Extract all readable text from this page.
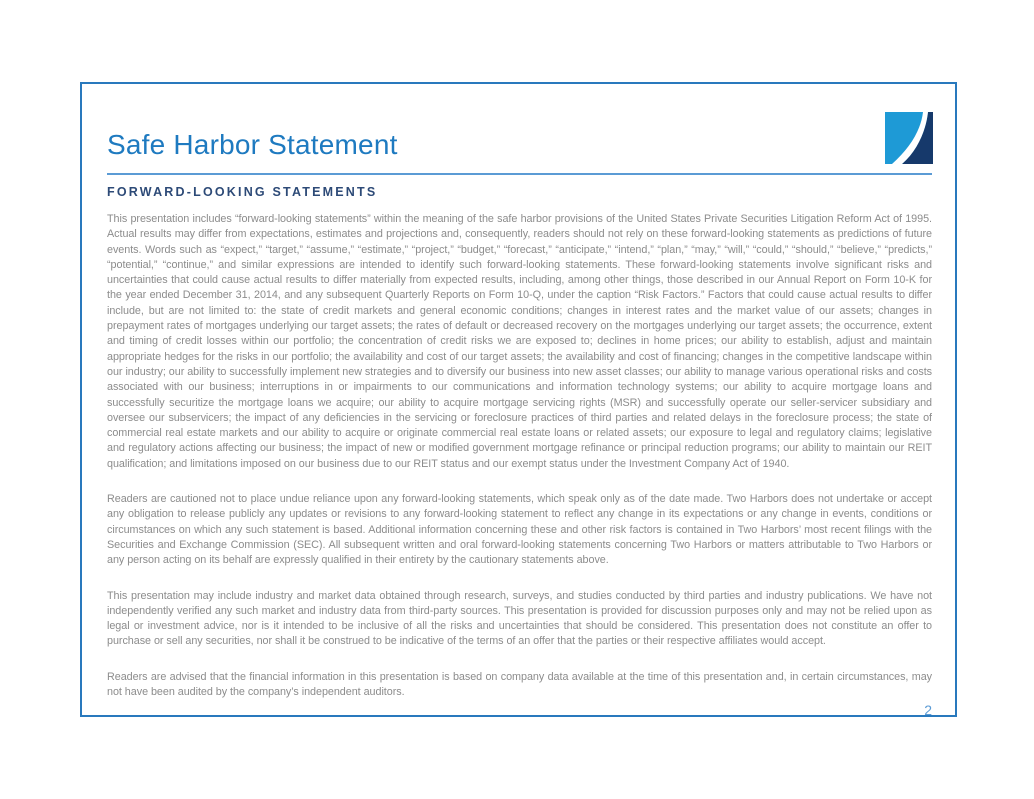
Safe Harbor Statement
FORWARD-LOOKING STATEMENTS

This presentation includes “forward-looking statements” within the meaning of the safe harbor provisions of the United States Private Securities Litigation Reform Act of 1995. Actual results may differ from expectations, estimates and projections and, consequently, readers should not rely on these forward-looking statements as predictions of future events. Words such as “expect,” “target,” “assume,” “estimate,” “project,” “budget,” “forecast,” “anticipate,” “intend,” “plan,” “may,” “will,” “could,” “should,” “believe,” “predicts,” “potential,” “continue,” and similar expressions are intended to identify such forward-looking statements. These forward-looking statements involve significant risks and uncertainties that could cause actual results to differ materially from expected results, including, among other things, those described in our Annual Report on Form 10-K for the year ended December 31, 2014, and any subsequent Quarterly Reports on Form 10-Q, under the caption “Risk Factors.” Factors that could cause actual results to differ include, but are not limited to: the state of credit markets and general economic conditions; changes in interest rates and the market value of our assets; changes in prepayment rates of mortgages underlying our target assets; the rates of default or decreased recovery on the mortgages underlying our target assets; the occurrence, extent and timing of credit losses within our portfolio; the concentration of credit risks we are exposed to; declines in home prices; our ability to establish, adjust and maintain appropriate hedges for the risks in our portfolio; the availability and cost of our target assets; the availability and cost of financing; changes in the competitive landscape within our industry; our ability to successfully implement new strategies and to diversify our business into new asset classes; our ability to manage various operational risks and costs associated with our business; interruptions in or impairments to our communications and information technology systems; our ability to acquire mortgage loans and successfully securitize the mortgage loans we acquire; our ability to acquire mortgage servicing rights (MSR) and successfully operate our seller-servicer subsidiary and oversee our subservicers; the impact of any deficiencies in the servicing or foreclosure practices of third parties and related delays in the foreclosure process; the state of commercial real estate markets and our ability to acquire or originate commercial real estate loans or related assets; our exposure to legal and regulatory claims; legislative and regulatory actions affecting our business; the impact of new or modified government mortgage refinance or principal reduction programs; our ability to maintain our REIT qualification; and limitations imposed on our business due to our REIT status and our exempt status under the Investment Company Act of 1940.

Readers are cautioned not to place undue reliance upon any forward-looking statements, which speak only as of the date made. Two Harbors does not undertake or accept any obligation to release publicly any updates or revisions to any forward-looking statement to reflect any change in its expectations or any change in events, conditions or circumstances on which any such statement is based. Additional information concerning these and other risk factors is contained in Two Harbors’ most recent filings with the Securities and Exchange Commission (SEC). All subsequent written and oral forward-looking statements concerning Two Harbors or matters attributable to Two Harbors or any person acting on its behalf are expressly qualified in their entirety by the cautionary statements above.

This presentation may include industry and market data obtained through research, surveys, and studies conducted by third parties and industry publications. We have not independently verified any such market and industry data from third-party sources. This presentation is provided for discussion purposes only and may not be relied upon as legal or investment advice, nor is it intended to be inclusive of all the risks and uncertainties that should be considered. This presentation does not constitute an offer to purchase or sell any securities, nor shall it be construed to be indicative of the terms of an offer that the parties or their respective affiliates would accept.

Readers are advised that the financial information in this presentation is based on company data available at the time of this presentation and, in certain circumstances, may not have been audited by the company’s independent auditors.

2
